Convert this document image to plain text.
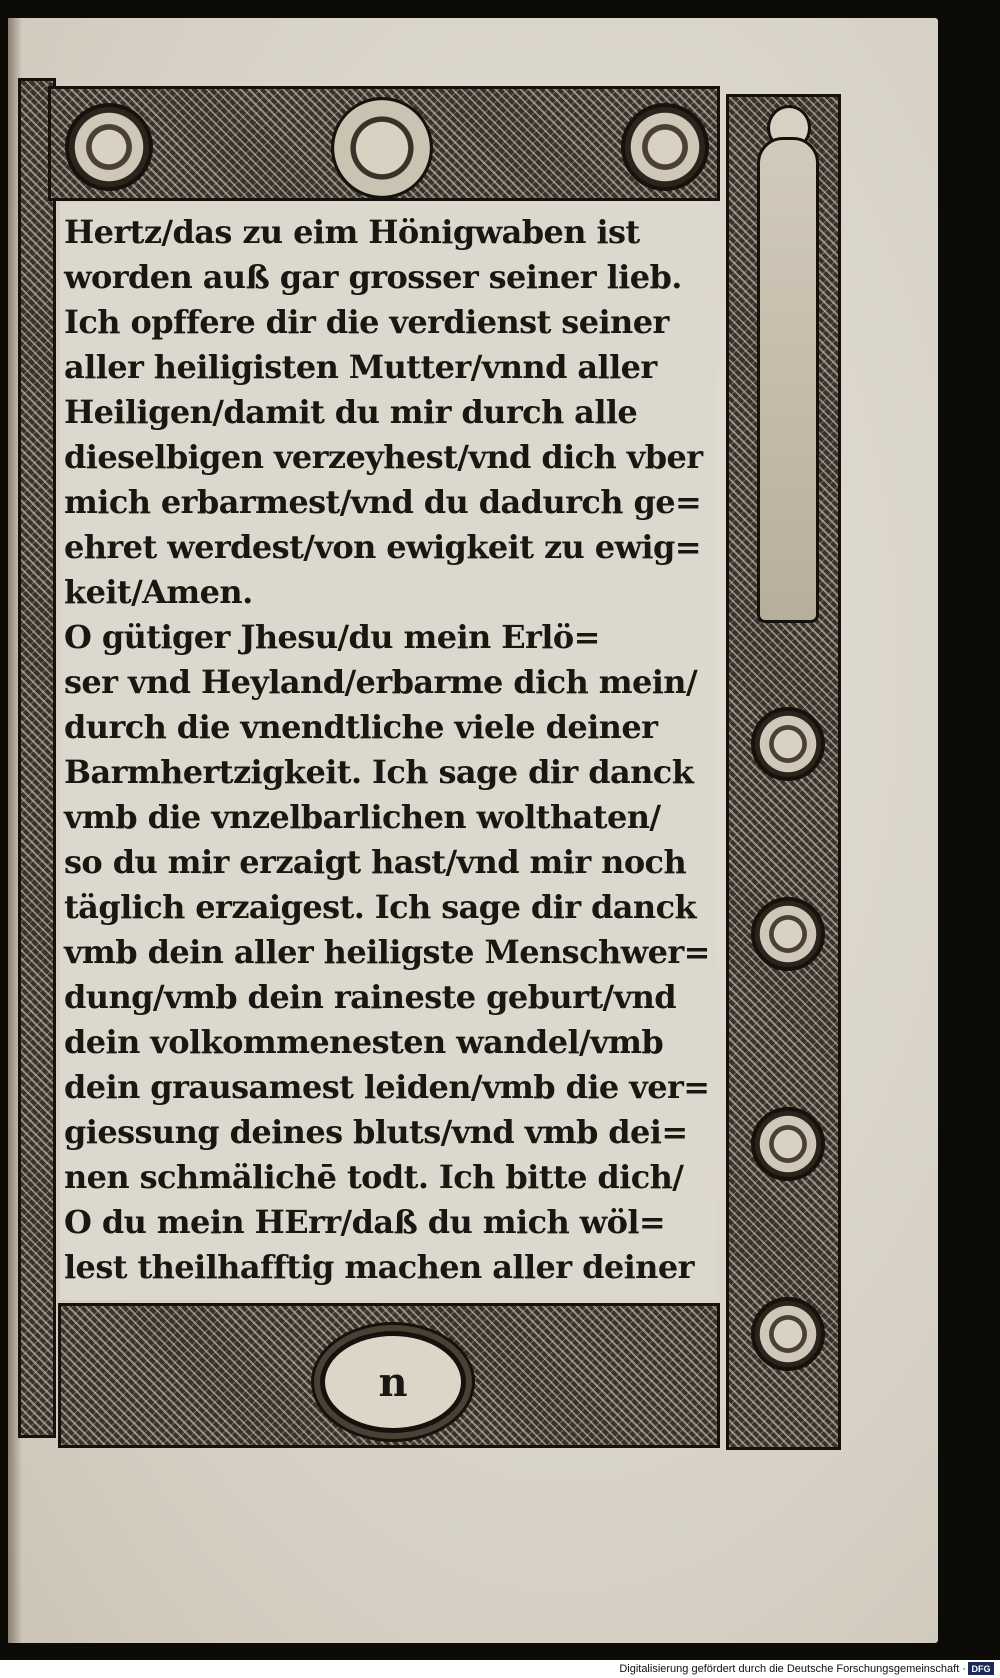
n
Hertz/das zu eim Hönigwaben ist
worden auß gar grosser seiner lieb.
Ich opffere dir die verdienst seiner
aller heiligisten Mutter/vnnd aller
Heiligen/damit du mir durch alle
dieselbigen verzeyhest/vnd dich vber
mich erbarmest/vnd du dadurch ge=
ehret werdest/von ewigkeit zu ewig=
keit/Amen.
O gütiger Jhesu/du mein Erlö=
ser vnd Heyland/erbarme dich mein/
durch die vnendtliche viele deiner
Barmhertzigkeit. Ich sage dir danck
vmb die vnzelbarlichen wolthaten/
so du mir erzaigt hast/vnd mir noch
täglich erzaigest. Ich sage dir danck
vmb dein aller heiligste Menschwer=
dung/vmb dein raineste geburt/vnd
dein volkommenesten wandel/vmb
dein grausamest leiden/vmb die ver=
giessung deines bluts/vnd vmb dei=
nen schmälichē todt. Ich bitte dich/
O du mein HErr/daß du mich wöl=
lest theilhafftig machen aller deiner
Digitalisierung gefördert durch die Deutsche Forschungsgemeinschaft · DFG
